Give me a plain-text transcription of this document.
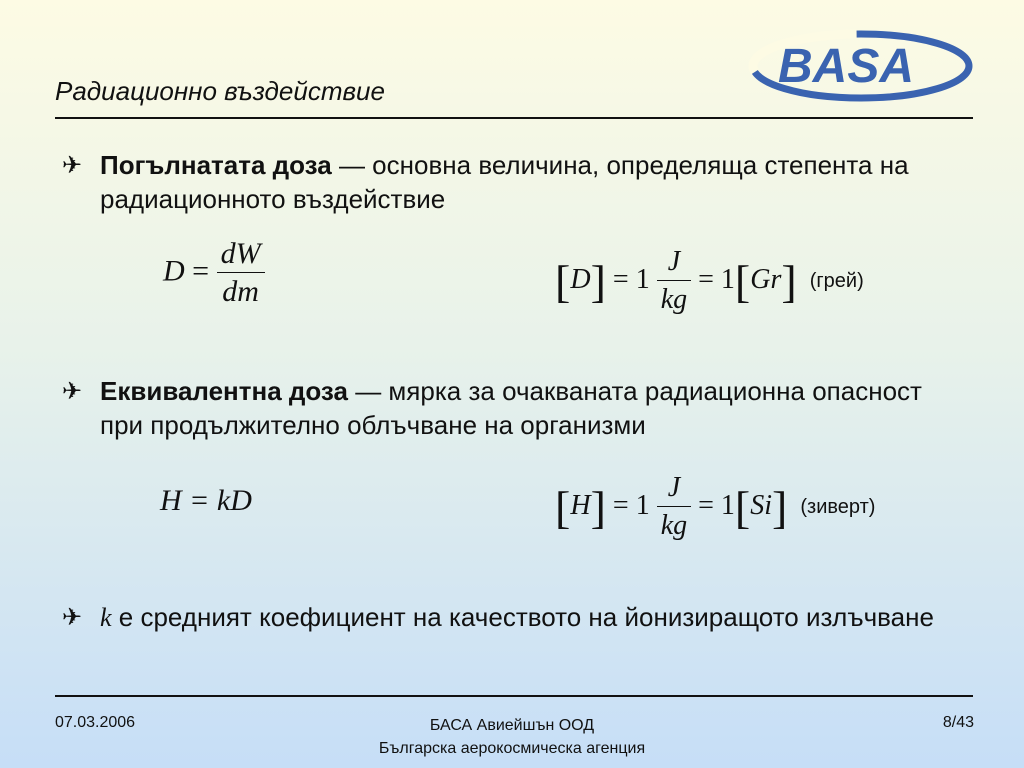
Радиационно въздействие	BASA
✈ Погълнатата доза — основна величина, определяща степента на радиационното въздействие
$D = \frac{dW}{dm}$	$[D] = 1 \frac{J}{kg} = 1[Gr]$ (грей)
✈ Еквивалентна доза — мярка за очакваната радиационна опасност при продължително облъчване на организми
H = kD	$[H] = 1 \frac{J}{kg} = 1[Si]$ (зиверт)
✈ k е средният коефициент на качеството на йонизиращото излъчване
07.03.2006	БАСА Авиейшън ООД
Българска аерокосмическа агенция
8/43
